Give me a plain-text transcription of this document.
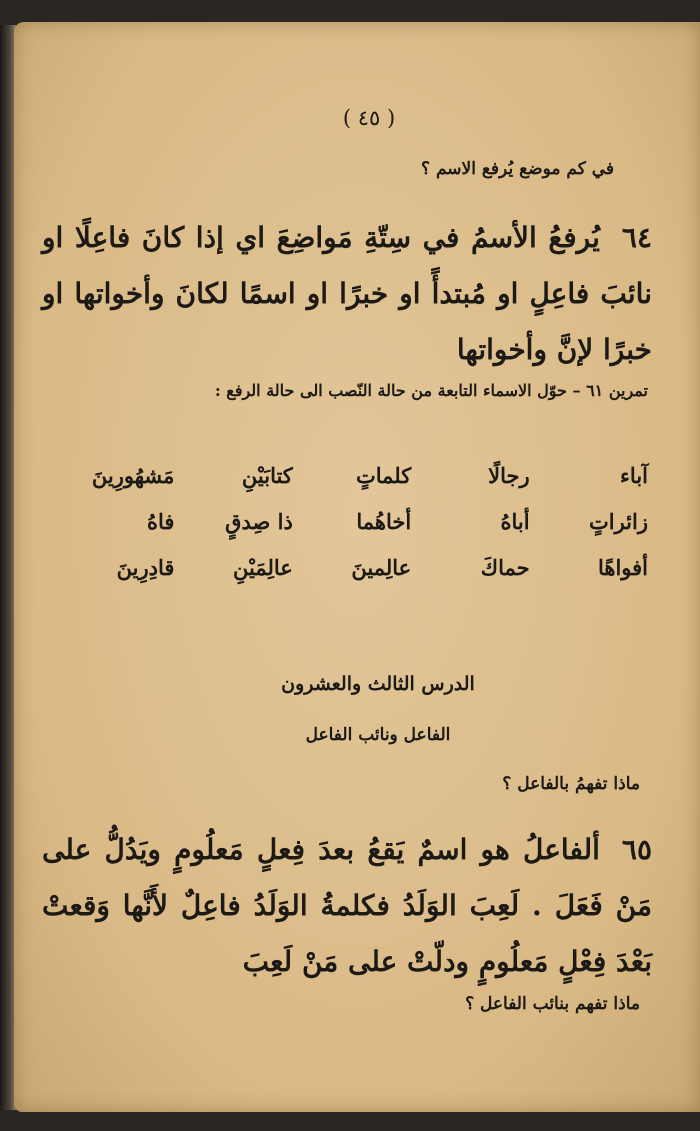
( ٤٥ )
في كم موضع يُرفع الاسم ؟
٦٤يُرفعُ الأسمُ في سِتّةِ مَواضِعَ اي إذا كانَ فاعِلًا او نائبَ فاعِلٍ او مُبتدأً او خبرًا او اسمًا لكانَ وأخواتها او خبرًا لإنَّ وأخواتها
تمرين ٦١ – حوّل الاسماء التابعة من حالة النّصب الى حالة الرفع :
آباء
رجالًا
كلماتٍ
كتابَيْنِ
مَشهُورِينَ
زائراتٍ
أباهُ
أخاهُما
ذا صِدقٍ
فاهُ
أفواهًا
حماكَ
عالِمينَ
عالِمَيْنِ
قادِرِينَ
الدرس الثالث والعشرون
الفاعل ونائب الفاعل
ماذا تفهمُ بالفاعل ؟
٦٥ألفاعلُ هو اسمٌ يَقعُ بعدَ فِعلٍ مَعلُومٍ ويَدُلُّ على مَنْ فَعَلَ . لَعِبَ الوَلَدُ فكلمةُ الوَلَدُ فاعِلٌ لأَنَّها وَقعتْ بَعْدَ فِعْلٍ مَعلُومٍ ودلّتْ على مَنْ لَعِبَ
ماذا تفهم بنائب الفاعل ؟
